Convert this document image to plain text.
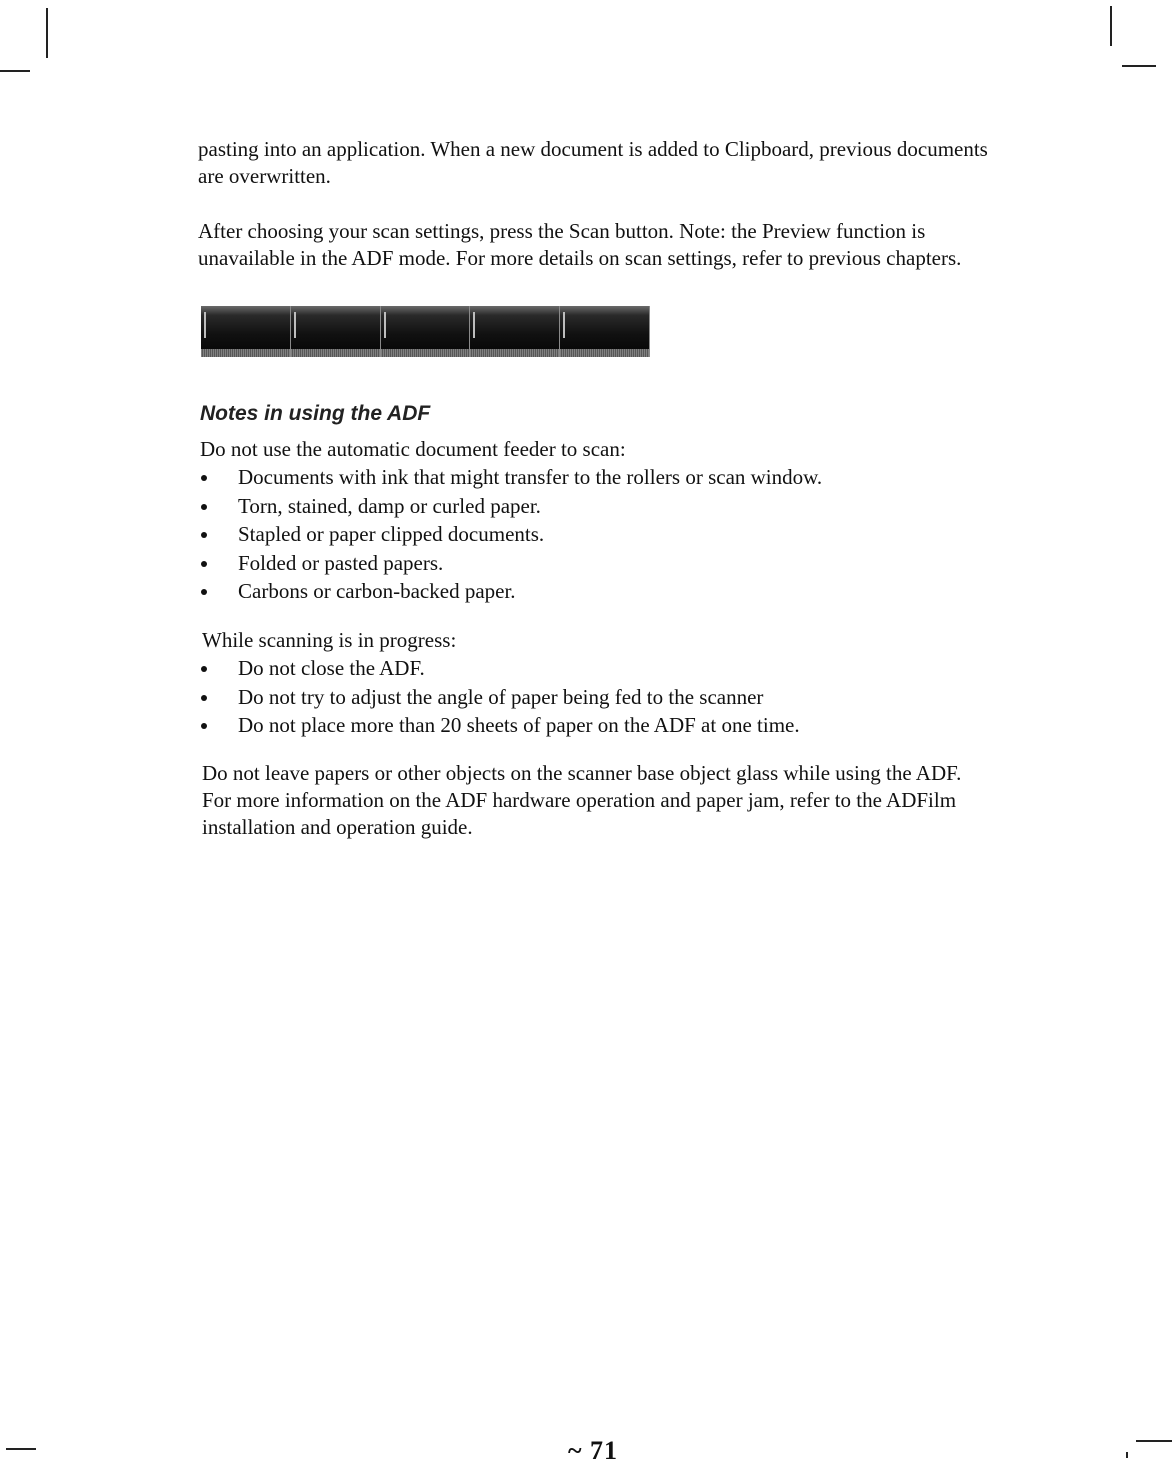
pasting into an application. When a new document is added to Clipboard, previous documents are overwritten.

After choosing your scan settings, press the Scan button. Note: the Preview function is unavailable in the ADF mode. For more details on scan settings, refer to previous chapters.

Notes in using the ADF

Do not use the automatic document feeder to scan:

Documents with ink that might transfer to the rollers or scan window.
Torn, stained, damp or curled paper.
Stapled or paper clipped documents.
Folded or pasted papers.
Carbons or carbon-backed paper.

While scanning is in progress:

Do not close the ADF.
Do not try to adjust the angle of paper being fed to the scanner
Do not place more than 20 sheets of paper on the ADF at one time.

Do not leave papers or other objects on the scanner base object glass while using the ADF. For more information on the ADF hardware operation and paper jam, refer to the ADFilm installation and operation guide.

~ 71
